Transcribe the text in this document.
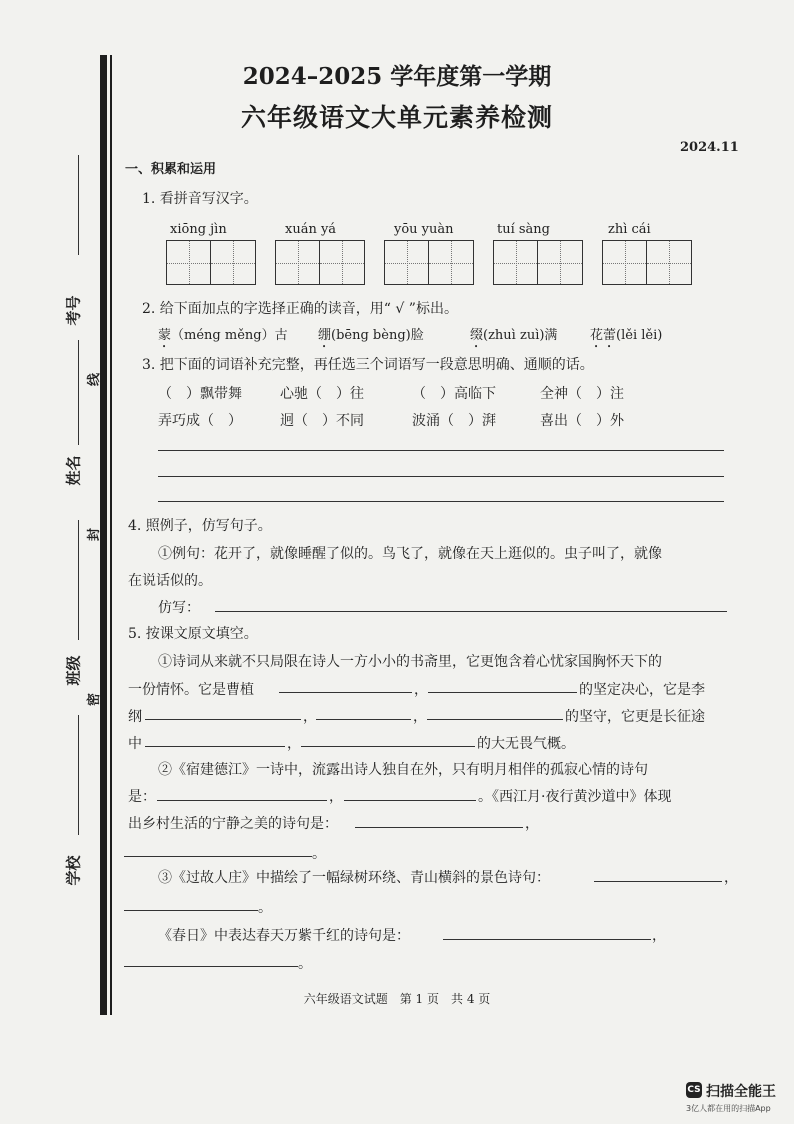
考号
姓名
班级
学校
线
封
密
2024–2025 学年度第一学期
六年级语文大单元素养检测
2024.11
一、积累和运用
1. 看拼音写汉字。
xiōng jìn	xuán yá	yōu yuàn	tuí sàng	zhì cái
2. 给下面加点的字选择正确的读音，用“ √ ”标出。
蒙（méng měng）古 绷(bēng bèng)脸	缀(zhuì zuì)满	花蕾(lěi lěi)
3. 把下面的词语补充完整，再任选三个词语写一段意思明确、通顺的话。
（　）飘带舞	心驰（　）往	（　）高临下	全神（　）注
弄巧成（　）	迥（　）不同	波涌（　）湃	喜出（　）外
4. 照例子，仿写句子。
①例句：花开了，就像睡醒了似的。鸟飞了，就像在天上逛似的。虫子叫了，就像
在说话似的。
仿写：
5. 按课文原文填空。
①诗词从来就不只局限在诗人一方小小的书斋里，它更饱含着心忧家国胸怀天下的
一份情怀。它是曹植	，	的坚定决心，它是李
纲	，	，	的坚守，它更是长征途
中	，	的大无畏气概。
②《宿建德江》一诗中，流露出诗人独自在外，只有明月相伴的孤寂心情的诗句
是：	，	。《西江月·夜行黄沙道中》体现
出乡村生活的宁静之美的诗句是：	，
。
③《过故人庄》中描绘了一幅绿树环绕、青山横斜的景色诗句：	，
。
《春日》中表达春天万紫千红的诗句是：	，
。
六年级语文试题　第 1 页　共 4 页
CS 扫描全能王
3亿人都在用的扫描App
